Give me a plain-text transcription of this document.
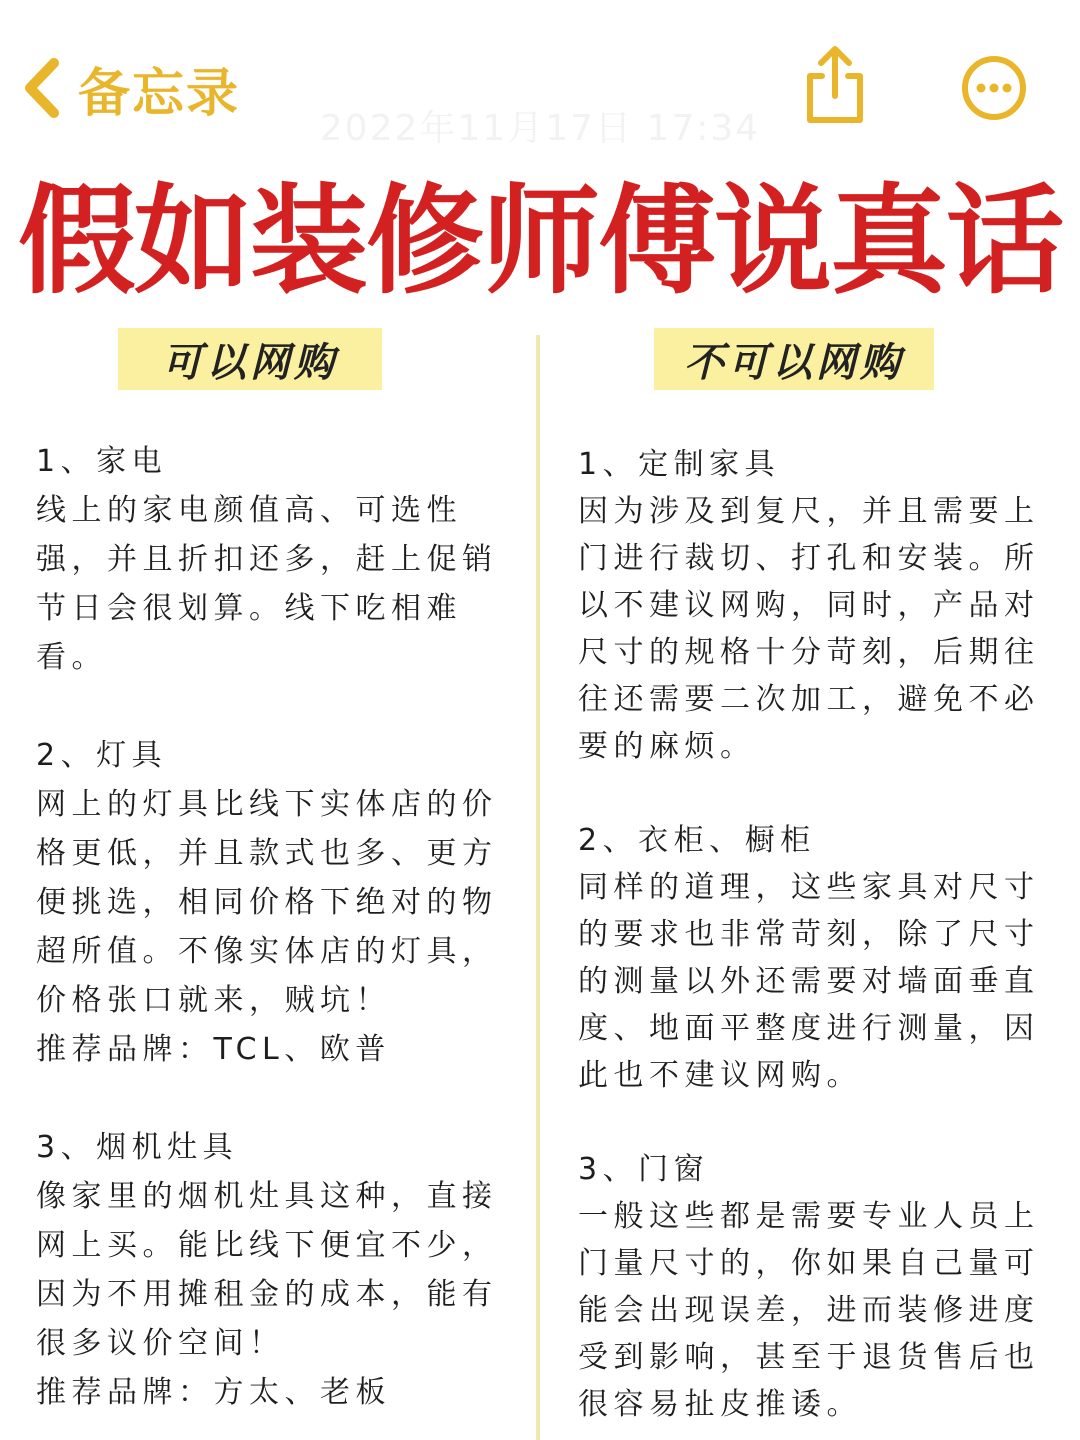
备忘录
2022年11月17日 17:34
假如装修师傅说真话
可以网购	不可以网购
1、家电
线上的家电颜值高、可选性强，并且折扣还多，赶上促销节日会很划算。线下吃相难看。
2、灯具
网上的灯具比线下实体店的价格更低，并且款式也多、更方便挑选，相同价格下绝对的物超所值。不像实体店的灯具，价格张口就来，贼坑！
推荐品牌：TCL、欧普
3、烟机灶具
像家里的烟机灶具这种，直接网上买。能比线下便宜不少，因为不用摊租金的成本，能有很多议价空间！
推荐品牌：方太、老板
1、定制家具
因为涉及到复尺，并且需要上门进行裁切、打孔和安装。所以不建议网购，同时，产品对尺寸的规格十分苛刻，后期往往还需要二次加工，避免不必要的麻烦。
2、衣柜、橱柜
同样的道理，这些家具对尺寸的要求也非常苛刻，除了尺寸的测量以外还需要对墙面垂直度、地面平整度进行测量，因此也不建议网购。
3、门窗
一般这些都是需要专业人员上门量尺寸的，你如果自己量可能会出现误差，进而装修进度受到影响，甚至于退货售后也很容易扯皮推诿。
